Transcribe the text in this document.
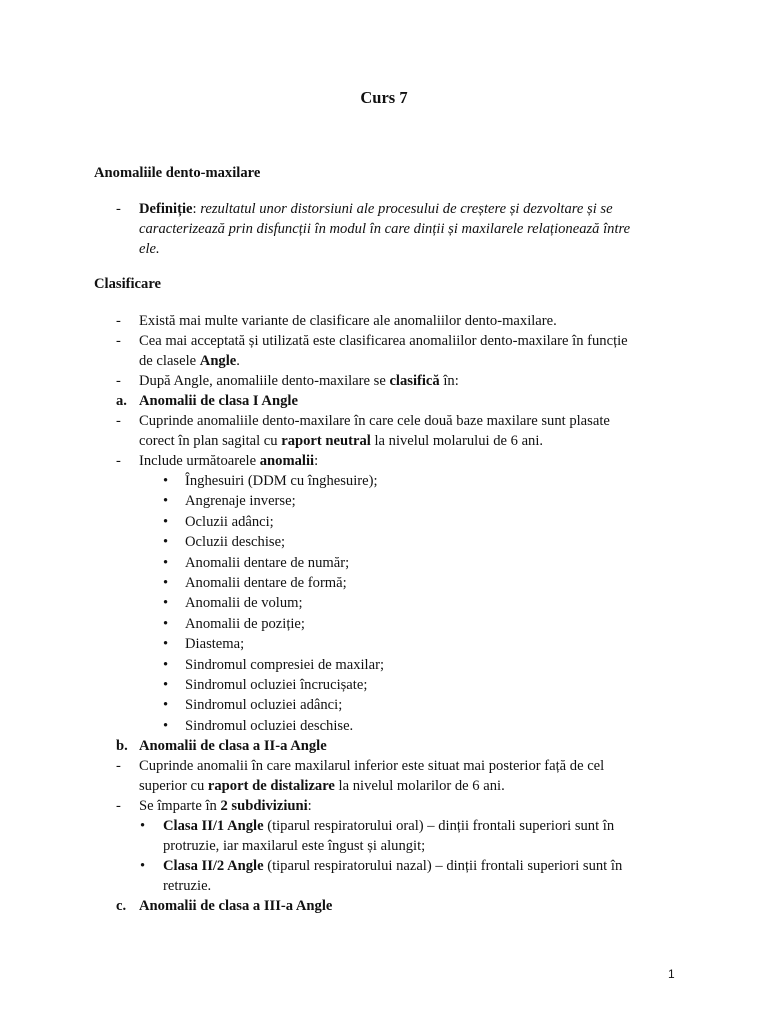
Curs 7
Anomaliile dento-maxilare
- Definiție: rezultatul unor distorsiuni ale procesului de creștere și dezvoltare și se
caracterizează prin disfuncții în modul în care dinții și maxilarele relaționează între
ele.
Clasificare
- Există mai multe variante de clasificare ale anomaliilor dento-maxilare.
- Cea mai acceptată și utilizată este clasificarea anomaliilor dento-maxilare în funcție
de clasele Angle.
- După Angle, anomaliile dento-maxilare se clasifică în:
a. Anomalii de clasa I Angle
- Cuprinde anomaliile dento-maxilare în care cele două baze maxilare sunt plasate
corect în plan sagital cu raport neutral la nivelul molarului de 6 ani.
- Include următoarele anomalii:
• Înghesuiri (DDM cu înghesuire);
• Angrenaje inverse;
• Ocluzii adânci;
• Ocluzii deschise;
• Anomalii dentare de număr;
• Anomalii dentare de formă;
• Anomalii de volum;
• Anomalii de poziție;
• Diastema;
• Sindromul compresiei de maxilar;
• Sindromul ocluziei încrucișate;
• Sindromul ocluziei adânci;
• Sindromul ocluziei deschise.
b. Anomalii de clasa a II-a Angle
- Cuprinde anomalii în care maxilarul inferior este situat mai posterior față de cel
superior cu raport de distalizare la nivelul molarilor de 6 ani.
- Se împarte în 2 subdiviziuni:
• Clasa II/1 Angle (tiparul respiratorului oral) – dinții frontali superiori sunt în
protruzie, iar maxilarul este îngust și alungit;
• Clasa II/2 Angle (tiparul respiratorului nazal) – dinții frontali superiori sunt în
retruzie.
c. Anomalii de clasa a III-a Angle
1
